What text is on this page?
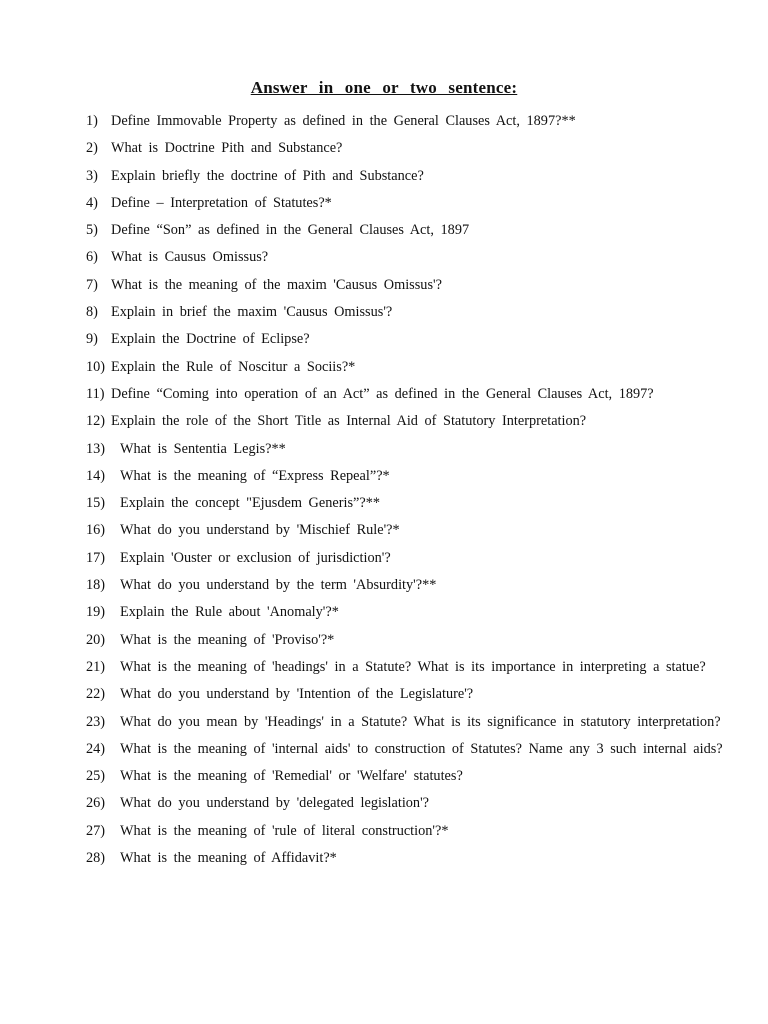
Answer in one or two sentence:
1) Define Immovable Property as defined in the General Clauses Act, 1897?**
2) What is Doctrine Pith and Substance?
3) Explain briefly the doctrine of Pith and Substance?
4) Define – Interpretation of Statutes?*
5) Define “Son” as defined in the General Clauses Act, 1897
6) What is Causus Omissus?
7) What is the meaning of the maxim 'Causus Omissus'?
8) Explain in brief the maxim 'Causus Omissus'?
9) Explain the Doctrine of Eclipse?
10) Explain the Rule of Noscitur a Sociis?*
11) Define “Coming into operation of an Act” as defined in the General Clauses Act, 1897?
12) Explain the role of the Short Title as Internal Aid of Statutory Interpretation?
13)	What is Sententia Legis?**
14)	What is the meaning of “Express Repeal”?*
15)	Explain the concept "Ejusdem Generis”?**
16)	What do you understand by 'Mischief Rule'?*
17)	Explain 'Ouster or exclusion of jurisdiction'?
18)	What do you understand by the term 'Absurdity'?**
19)	Explain the Rule about 'Anomaly'?*
20)	What is the meaning of 'Proviso'?*
21)	What is the meaning of 'headings' in a Statute? What is its importance in interpreting a statue?
22)	What do you understand by 'Intention of the Legislature'?
23)	What do you mean by 'Headings' in a Statute? What is its significance in statutory interpretation?
24)	What is the meaning of 'internal aids' to construction of Statutes? Name any 3 such internal aids?
25)	What is the meaning of 'Remedial' or 'Welfare' statutes?
26)	What do you understand by 'delegated legislation'?
27)	What is the meaning of 'rule of literal construction'?*
28)	What is the meaning of Affidavit?*
